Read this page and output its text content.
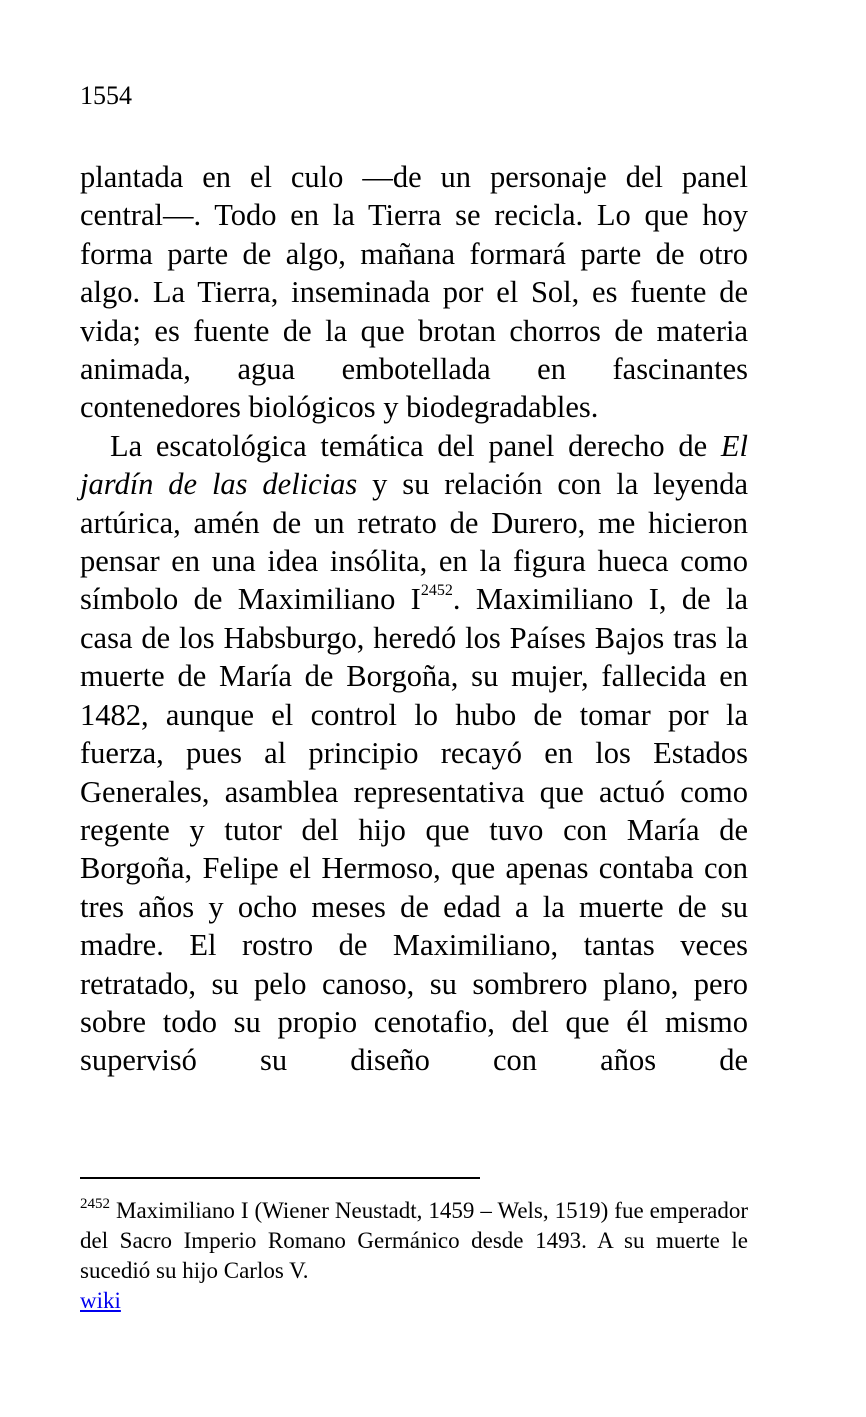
1554

plantada en el culo —de un personaje del panel central—. Todo en la Tierra se recicla. Lo que hoy forma parte de algo, mañana formará parte de otro algo. La Tierra, inseminada por el Sol, es fuente de vida; es fuente de la que brotan chorros de materia animada, agua embotellada en fascinantes contenedores biológicos y biodegradables.

La escatológica temática del panel derecho de El jardín de las delicias y su relación con la leyenda artúrica, amén de un retrato de Durero, me hicieron pensar en una idea insólita, en la figura hueca como símbolo de Maximiliano I$^{2452}$. Maximiliano I, de la casa de los Habsburgo, heredó los Países Bajos tras la muerte de María de Borgoña, su mujer, fallecida en 1482, aunque el control lo hubo de tomar por la fuerza, pues al principio recayó en los Estados Generales, asamblea representativa que actuó como regente y tutor del hijo que tuvo con María de Borgoña, Felipe el Hermoso, que apenas contaba con tres años y ocho meses de edad a la muerte de su madre. El rostro de Maximiliano, tantas veces retratado, su pelo canoso, su sombrero plano, pero sobre todo su propio cenotafio, del que él mismo supervisó su diseño con años de

$^{2452}$ Maximiliano I (Wiener Neustadt, 1459 – Wels, 1519) fue emperador del Sacro Imperio Romano Germánico desde 1493. A su muerte le sucedió su hijo Carlos V.

wiki
